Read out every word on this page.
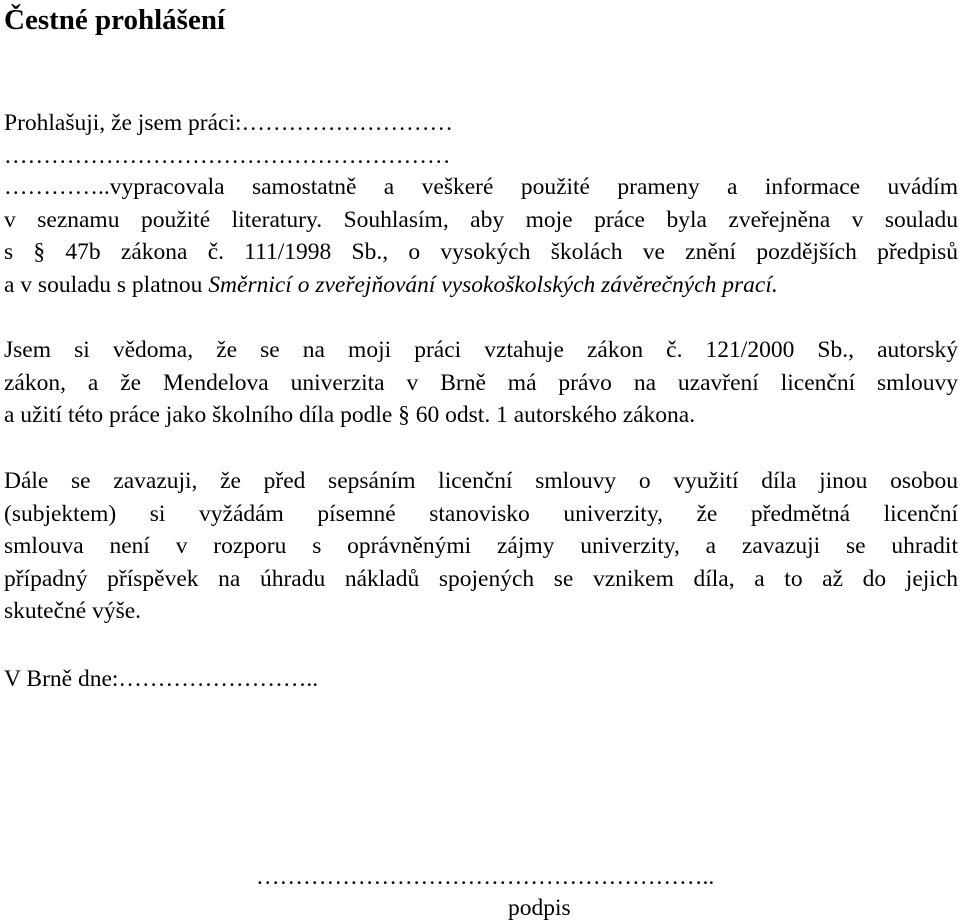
Čestné prohlášení

Prohlašuji, že jsem práci:………………………

…………………………………………………

…………..vypracovala samostatně a veškeré použité prameny a informace uvádím
v seznamu použité literatury. Souhlasím, aby moje práce byla zveřejněna v souladu
s § 47b zákona č. 111/1998 Sb., o vysokých školách ve znění pozdějších předpisů
a v souladu s platnou Směrnicí o zveřejňování vysokoškolských závěrečných prací.
Jsem si vědoma, že se na moji práci vztahuje zákon č. 121/2000 Sb., autorský
zákon, a že Mendelova univerzita v Brně má právo na uzavření licenční smlouvy
a užití této práce jako školního díla podle § 60 odst. 1 autorského zákona.
Dále se zavazuji, že před sepsáním licenční smlouvy o využití díla jinou osobou
(subjektem) si vyžádám písemné stanovisko univerzity, že předmětná licenční
smlouva není v rozporu s oprávněnými zájmy univerzity, a zavazuji se uhradit
případný příspěvek na úhradu nákladů spojených se vznikem díla, a to až do jejich
skutečné výše.

V Brně dne:……………………..

…………………………………………………..
podpis
